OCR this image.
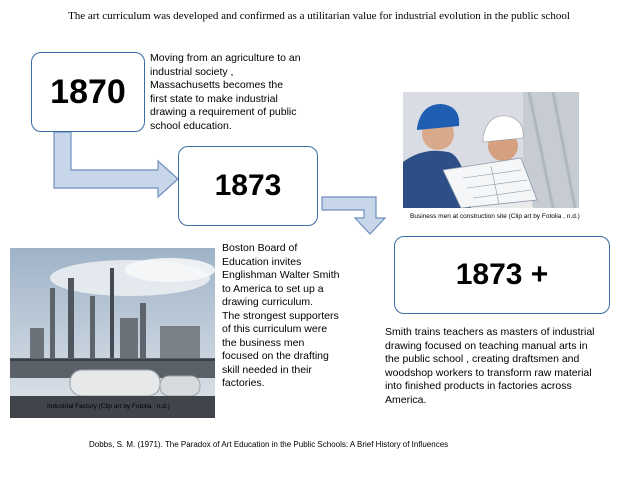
The art curriculum was developed and confirmed as a utilitarian value for industrial evolution in the public school
1870
1873
1873 +
Moving from an agriculture to an
industrial society ,
Massachusetts becomes the
first state to make industrial
drawing a requirement of public
school education.
Boston Board of
Education invites
Englishman Walter Smith
to America to set up a
drawing curriculum.
The strongest supporters
of this curriculum were
the business men
focused on the drafting
skill needed in their
factories.
Smith trains teachers as masters of industrial
drawing focused on teaching manual arts in
the public school , creating draftsmen and
woodshop workers to transform raw material
into finished products in factories across
America.
Business men at construction site (Clip art by Fotolia , n.d.)
Industrial Factory (Clip art by Fotolia , n.d.)
Dobbs, S. M. (1971). The Paradox of Art Education in the Public Schools: A Brief History of Influences
